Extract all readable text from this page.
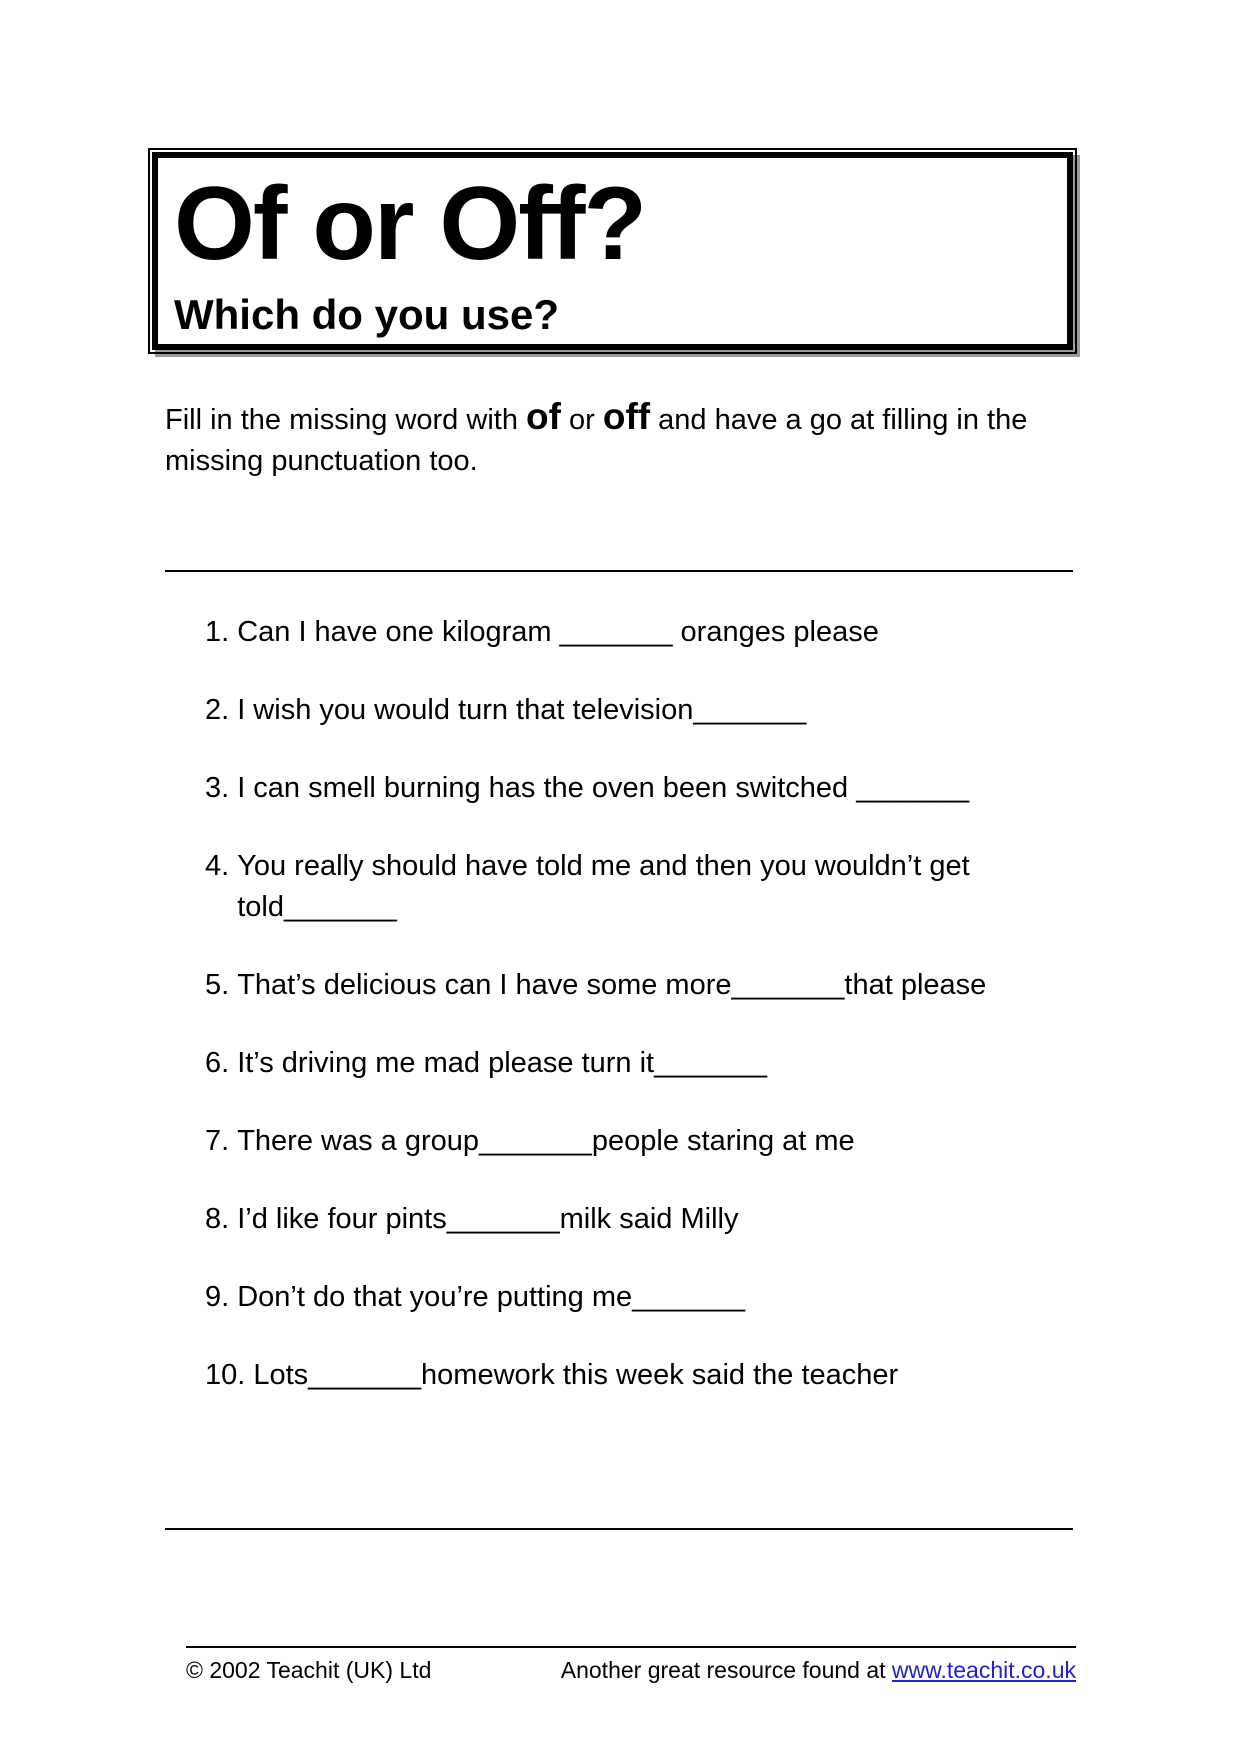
Of or Off?
Which do you use?

Fill in the missing word with of or off and have a go at filling in the missing punctuation too.

1. Can I have one kilogram _______ oranges please
2. I wish you would turn that television_______
3. I can smell burning has the oven been switched _______
4. You really should have told me and then you wouldn’t get told_______
5. That’s delicious can I have some more_______that please
6. It’s driving me mad please turn it_______
7. There was a group_______people staring at me
8. I’d like four pints_______milk said Milly
9. Don’t do that you’re putting me_______
10. Lots_______homework this week said the teacher
© 2002 Teachit (UK) Ltd	Another great resource found at www.teachit.co.uk
